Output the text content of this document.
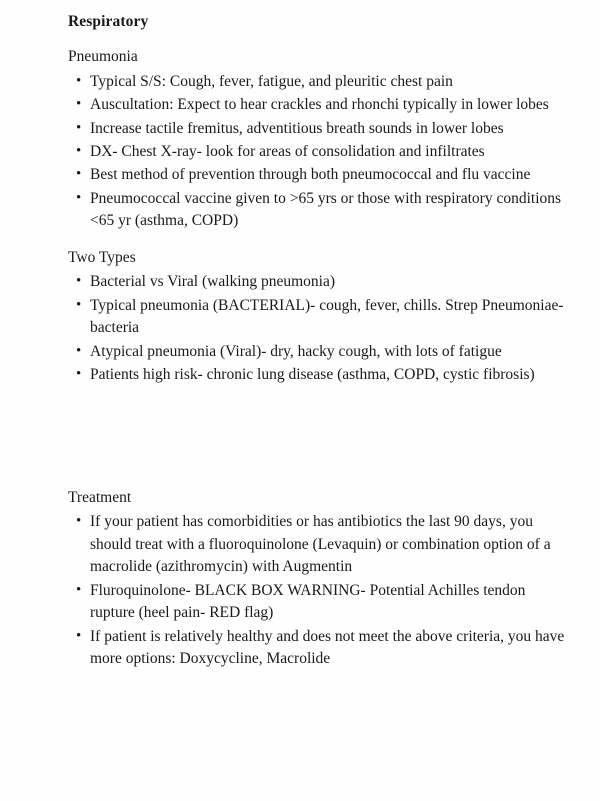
Respiratory
Pneumonia
• Typical S/S: Cough, fever, fatigue, and pleuritic chest pain
• Auscultation: Expect to hear crackles and rhonchi typically in lower lobes
• Increase tactile fremitus, adventitious breath sounds in lower lobes
• DX- Chest X-ray- look for areas of consolidation and infiltrates
• Best method of prevention through both pneumococcal and flu vaccine
• Pneumococcal vaccine given to >65 yrs or those with respiratory conditions <65 yr (asthma, COPD)
Two Types
• Bacterial vs Viral (walking pneumonia)
• Typical pneumonia (BACTERIAL)- cough, fever, chills. Strep Pneumoniae- bacteria
• Atypical pneumonia (Viral)- dry, hacky cough, with lots of fatigue
• Patients high risk- chronic lung disease (asthma, COPD, cystic fibrosis)
Treatment
• If your patient has comorbidities or has antibiotics the last 90 days, you should treat with a fluoroquinolone (Levaquin) or combination option of a macrolide (azithromycin) with Augmentin
• Fluroquinolone- BLACK BOX WARNING- Potential Achilles tendon rupture (heel pain- RED flag)
• If patient is relatively healthy and does not meet the above criteria, you have more options: Doxycycline, Macrolide
